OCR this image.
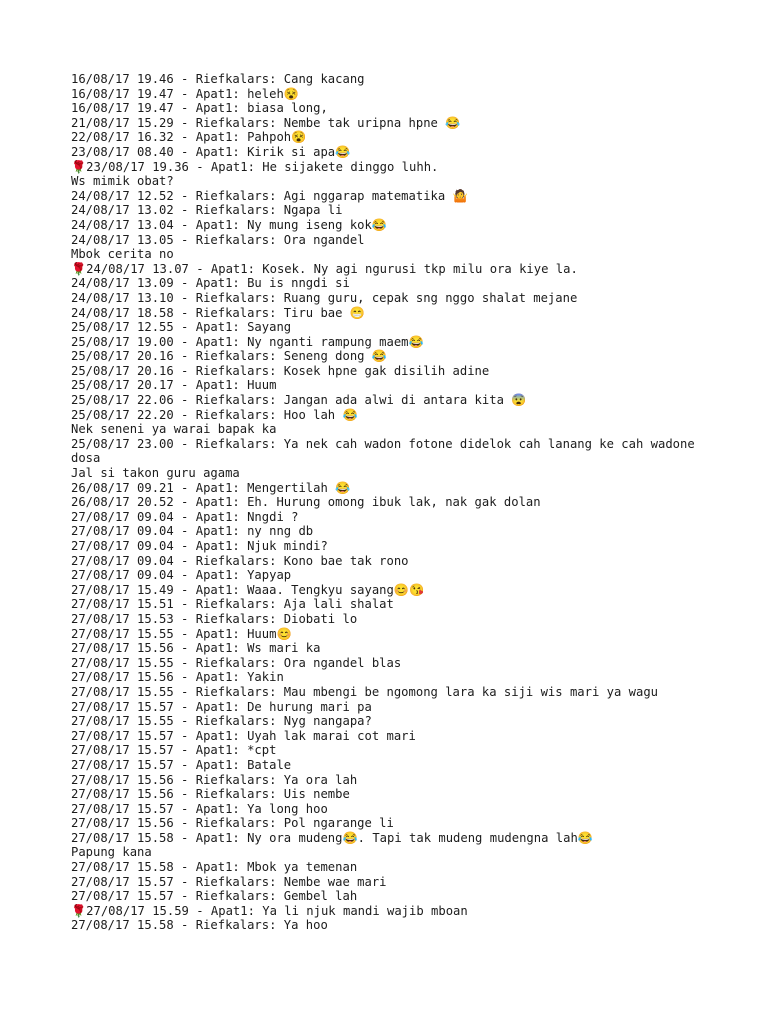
16/08/17 19.46 - Riefkalars: Cang kacang
16/08/17 19.47 - Apat1: heleh😵
16/08/17 19.47 - Apat1: biasa long,
21/08/17 15.29 - Riefkalars: Nembe tak uripna hpne 😂
22/08/17 16.32 - Apat1: Pahpoh😵
23/08/17 08.40 - Apat1: Kirik si apa😂
🌹23/08/17 19.36 - Apat1: He sijakete dinggo luhh.
Ws mimik obat?
24/08/17 12.52 - Riefkalars: Agi nggarap matematika 🤷
24/08/17 13.02 - Riefkalars: Ngapa li
24/08/17 13.04 - Apat1: Ny mung iseng kok😂
24/08/17 13.05 - Riefkalars: Ora ngandel
Mbok cerita no
🌹24/08/17 13.07 - Apat1: Kosek. Ny agi ngurusi tkp milu ora kiye la.
24/08/17 13.09 - Apat1: Bu is nngdi si
24/08/17 13.10 - Riefkalars: Ruang guru, cepak sng nggo shalat mejane
24/08/17 18.58 - Riefkalars: Tiru bae 😁
25/08/17 12.55 - Apat1: Sayang
25/08/17 19.00 - Apat1: Ny nganti rampung maem😂
25/08/17 20.16 - Riefkalars: Seneng dong 😂
25/08/17 20.16 - Riefkalars: Kosek hpne gak disilih adine
25/08/17 20.17 - Apat1: Huum
25/08/17 22.06 - Riefkalars: Jangan ada alwi di antara kita 😨
25/08/17 22.20 - Riefkalars: Hoo lah 😂
Nek seneni ya warai bapak ka
25/08/17 23.00 - Riefkalars: Ya nek cah wadon fotone didelok cah lanang ke cah wadone dosa
Jal si takon guru agama
26/08/17 09.21 - Apat1: Mengertilah 😂
26/08/17 20.52 - Apat1: Eh. Hurung omong ibuk lak, nak gak dolan
27/08/17 09.04 - Apat1: Nngdi ?
27/08/17 09.04 - Apat1: ny nng db
27/08/17 09.04 - Apat1: Njuk mindi?
27/08/17 09.04 - Riefkalars: Kono bae tak rono
27/08/17 09.04 - Apat1: Yapyap
27/08/17 15.49 - Apat1: Waaa. Tengkyu sayang😊😘
27/08/17 15.51 - Riefkalars: Aja lali shalat
27/08/17 15.53 - Riefkalars: Diobati lo
27/08/17 15.55 - Apat1: Huum😊
27/08/17 15.56 - Apat1: Ws mari ka
27/08/17 15.55 - Riefkalars: Ora ngandel blas
27/08/17 15.56 - Apat1: Yakin
27/08/17 15.55 - Riefkalars: Mau mbengi be ngomong lara ka siji wis mari ya wagu
27/08/17 15.57 - Apat1: De hurung mari pa
27/08/17 15.55 - Riefkalars: Nyg nangapa?
27/08/17 15.57 - Apat1: Uyah lak marai cot mari
27/08/17 15.57 - Apat1: *cpt
27/08/17 15.57 - Apat1: Batale
27/08/17 15.56 - Riefkalars: Ya ora lah
27/08/17 15.56 - Riefkalars: Uis nembe
27/08/17 15.57 - Apat1: Ya long hoo
27/08/17 15.56 - Riefkalars: Pol ngarange li
27/08/17 15.58 - Apat1: Ny ora mudeng😂. Tapi tak mudeng mudengna lah😂
Papung kana
27/08/17 15.58 - Apat1: Mbok ya temenan
27/08/17 15.57 - Riefkalars: Nembe wae mari
27/08/17 15.57 - Riefkalars: Gembel lah
🌹27/08/17 15.59 - Apat1: Ya li njuk mandi wajib mboan
27/08/17 15.58 - Riefkalars: Ya hoo
